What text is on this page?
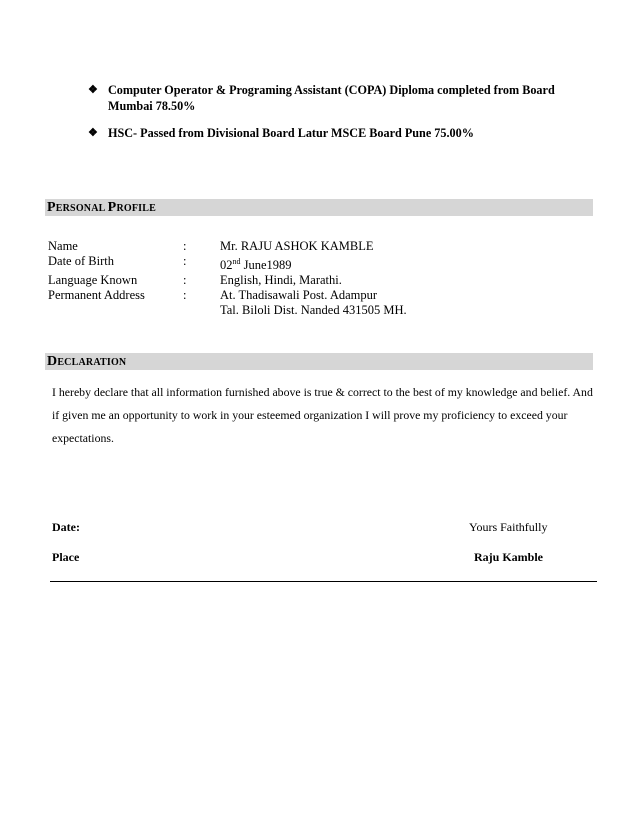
❖ Computer Operator & Programing Assistant (COPA) Diploma completed from Board Mumbai 78.50%
❖ HSC- Passed from Divisional Board Latur MSCE Board Pune 75.00%
PERSONAL PROFILE
Name	:	Mr. RAJU ASHOK KAMBLE
Date of Birth	:	02nd June1989
Language Known	:	English, Hindi, Marathi.
Permanent Address	:	At. Thadisawali Post. Adampur
Tal. Biloli Dist. Nanded 431505 MH.
DECLARATION
I hereby declare that all information furnished above is true & correct to the best of my knowledge and belief. And if given me an opportunity to work in your esteemed organization I will prove my proficiency to exceed your expectations.
Date:
Place
Yours Faithfully
Raju Kamble
